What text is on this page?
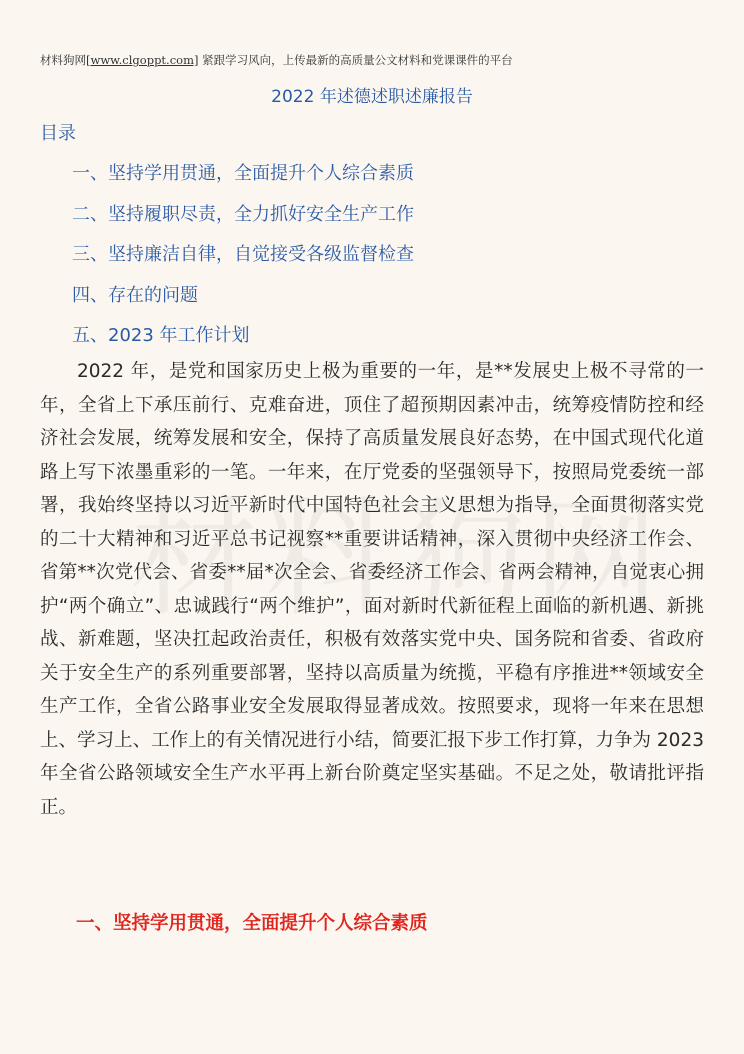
材料狗网[www.clgoppt.com] 紧跟学习风向，上传最新的高质量公文材料和党课课件的平台
2022 年述德述职述廉报告
目录
一、坚持学用贯通，全面提升个人综合素质
二、坚持履职尽责，全力抓好安全生产工作
三、坚持廉洁自律，自觉接受各级监督检查
四、存在的问题
五、2023 年工作计划

2022 年，是党和国家历史上极为重要的一年，是**发展史上极不寻常的一年，全省上下承压前行、克难奋进，顶住了超预期因素冲击，统筹疫情防控和经济社会发展，统筹发展和安全，保持了高质量发展良好态势，在中国式现代化道路上写下浓墨重彩的一笔。一年来，在厅党委的坚强领导下，按照局党委统一部署，我始终坚持以习近平新时代中国特色社会主义思想为指导，全面贯彻落实党的二十大精神和习近平总书记视察**重要讲话精神，深入贯彻中央经济工作会、省第**次党代会、省委**届*次全会、省委经济工作会、省两会精神，自觉衷心拥护“两个确立”、忠诚践行“两个维护”，面对新时代新征程上面临的新机遇、新挑战、新难题，坚决扛起政治责任，积极有效落实党中央、国务院和省委、省政府关于安全生产的系列重要部署，坚持以高质量为统揽，平稳有序推进**领域安全生产工作，全省公路事业安全发展取得显著成效。按照要求，现将一年来在思想上、学习上、工作上的有关情况进行小结，简要汇报下步工作打算，力争为 2023 年全省公路领域安全生产水平再上新台阶奠定坚实基础。不足之处，敬请批评指正。

一、坚持学用贯通，全面提升个人综合素质
